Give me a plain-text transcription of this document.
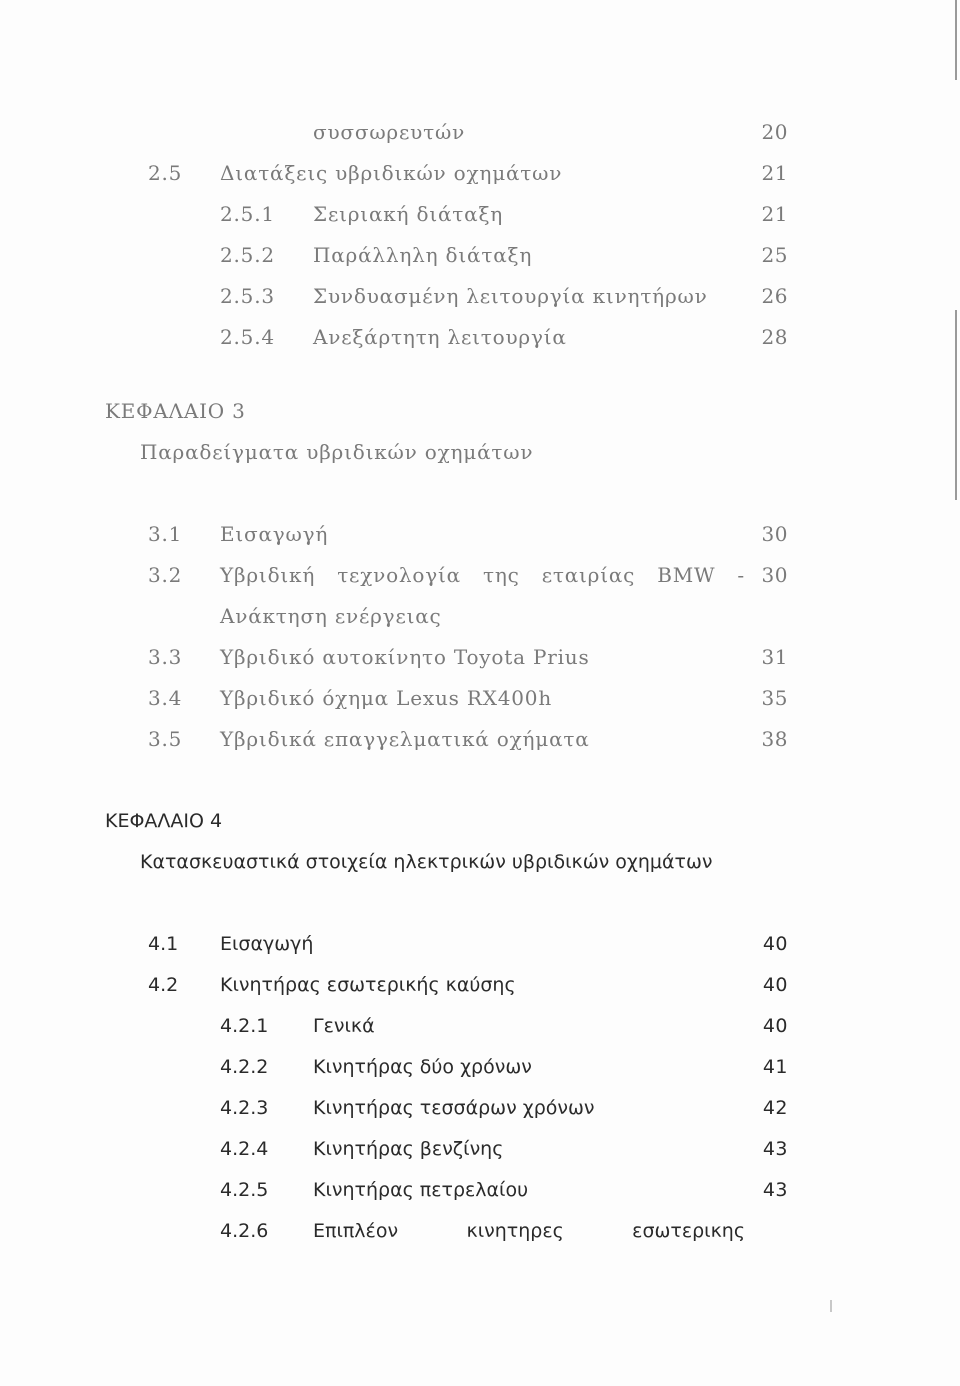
συσσωρευτών	20
2.5 Διατάξεις υβριδικών οχημάτων	21
2.5.1 Σειριακή διάταξη	21
2.5.2 Παράλληλη διάταξη	25
2.5.3 Συνδυασμένη λειτουργία κινητήρων	26
2.5.4 Ανεξάρτητη λειτουργία	28
ΚΕΦΑΛΑΙΟ 3
Παραδείγματα υβριδικών οχημάτων
3.1 Εισαγωγή	30
3.2 Υβριδική τεχνολογία της εταιρίας BMW - 30
Ανάκτηση ενέργειας
3.3 Υβριδικό αυτοκίνητο Toyota Prius	31
3.4 Υβριδικό όχημα Lexus RX400h	35
3.5 Υβριδικά επαγγελματικά οχήματα	38
ΚΕΦΑΛΑΙΟ 4
Κατασκευαστικά στοιχεία ηλεκτρικών υβριδικών οχημάτων
4.1 Εισαγωγή	40
4.2 Κινητήρας εσωτερικής καύσης	40
4.2.1 Γενικά	40
4.2.2 Κινητήρας δύο χρόνων	41
4.2.3 Κινητήρας τεσσάρων χρόνων	42
4.2.4 Κινητήρας βενζίνης	43
4.2.5 Κινητήρας πετρελαίου	43
4.2.6 Επιπλέον	κινητηρες	εσωτερικης
